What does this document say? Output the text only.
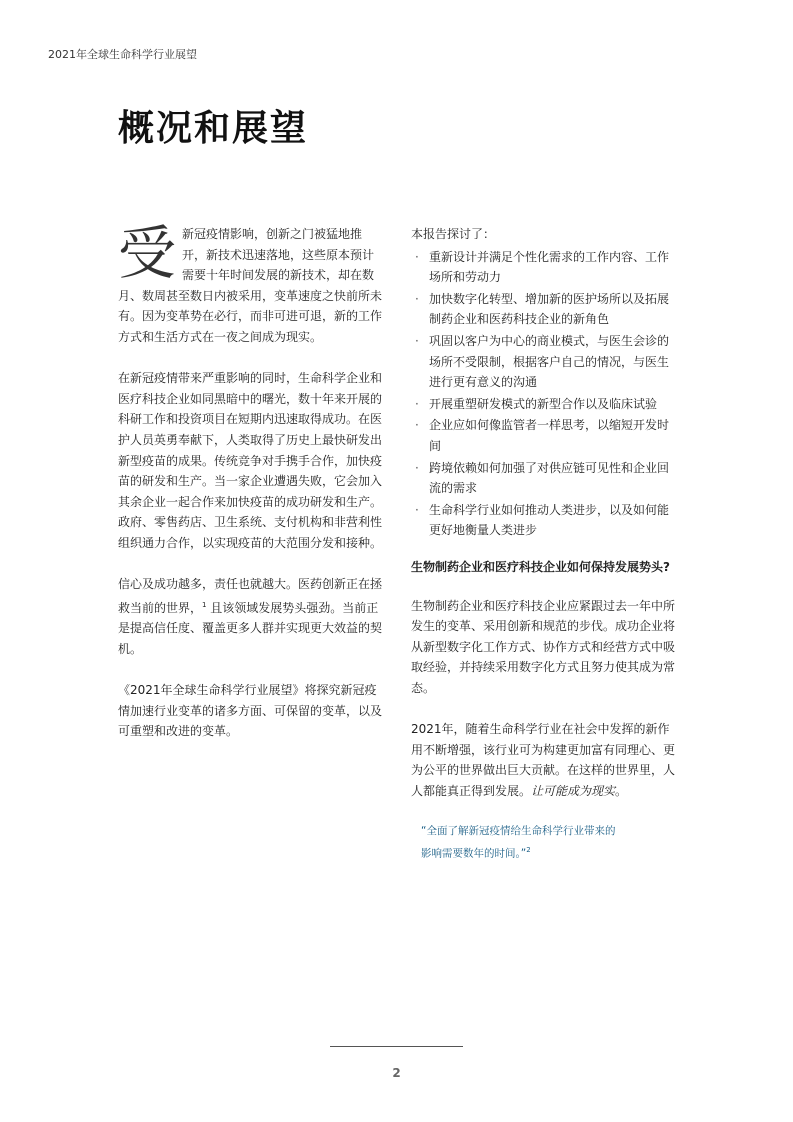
2021年全球生命科学行业展望
概况和展望
受 新冠疫情影响，创新之门被猛地推开，新技术迅速落地，这些原本预计需要十年时间发展的新技术，却在数月、数周甚至数日内被采用，变革速度之快前所未有。因为变革势在必行，而非可进可退，新的工作方式和生活方式在一夜之间成为现实。

在新冠疫情带来严重影响的同时，生命科学企业和医疗科技企业如同黑暗中的曙光，数十年来开展的科研工作和投资项目在短期内迅速取得成功。在医护人员英勇奉献下，人类取得了历史上最快研发出新型疫苗的成果。传统竞争对手携手合作，加快疫苗的研发和生产。当一家企业遭遇失败，它会加入其余企业一起合作来加快疫苗的成功研发和生产。政府、零售药店、卫生系统、支付机构和非营利性组织通力合作，以实现疫苗的大范围分发和接种。

信心及成功越多，责任也就越大。医药创新正在拯救当前的世界，$^1$ 且该领域发展势头强劲。当前正是提高信任度、覆盖更多人群并实现更大效益的契机。

《2021年全球生命科学行业展望》将探究新冠疫情加速行业变革的诸多方面、可保留的变革，以及可重塑和改进的变革。

本报告探讨了：

· 重新设计并满足个性化需求的工作内容、工作场所和劳动力
· 加快数字化转型、增加新的医护场所以及拓展制药企业和医药科技企业的新角色
· 巩固以客户为中心的商业模式，与医生会诊的场所不受限制，根据客户自己的情况，与医生进行更有意义的沟通
· 开展重塑研发模式的新型合作以及临床试验
· 企业应如何像监管者一样思考，以缩短开发时间
· 跨境依赖如何加强了对供应链可见性和企业回流的需求
· 生命科学行业如何推动人类进步，以及如何能更好地衡量人类进步

生物制药企业和医疗科技企业如何保持发展势头?

生物制药企业和医疗科技企业应紧跟过去一年中所发生的变革、采用创新和规范的步伐。成功企业将从新型数字化工作方式、协作方式和经营方式中吸取经验，并持续采用数字化方式且努力使其成为常态。

2021年，随着生命科学行业在社会中发挥的新作用不断增强，该行业可为构建更加富有同理心、更为公平的世界做出巨大贡献。在这样的世界里，人人都能真正得到发展。让可能成为现实。

“全面了解新冠疫情给生命科学行业带来的
影响需要数年的时间。”$^2$
2
